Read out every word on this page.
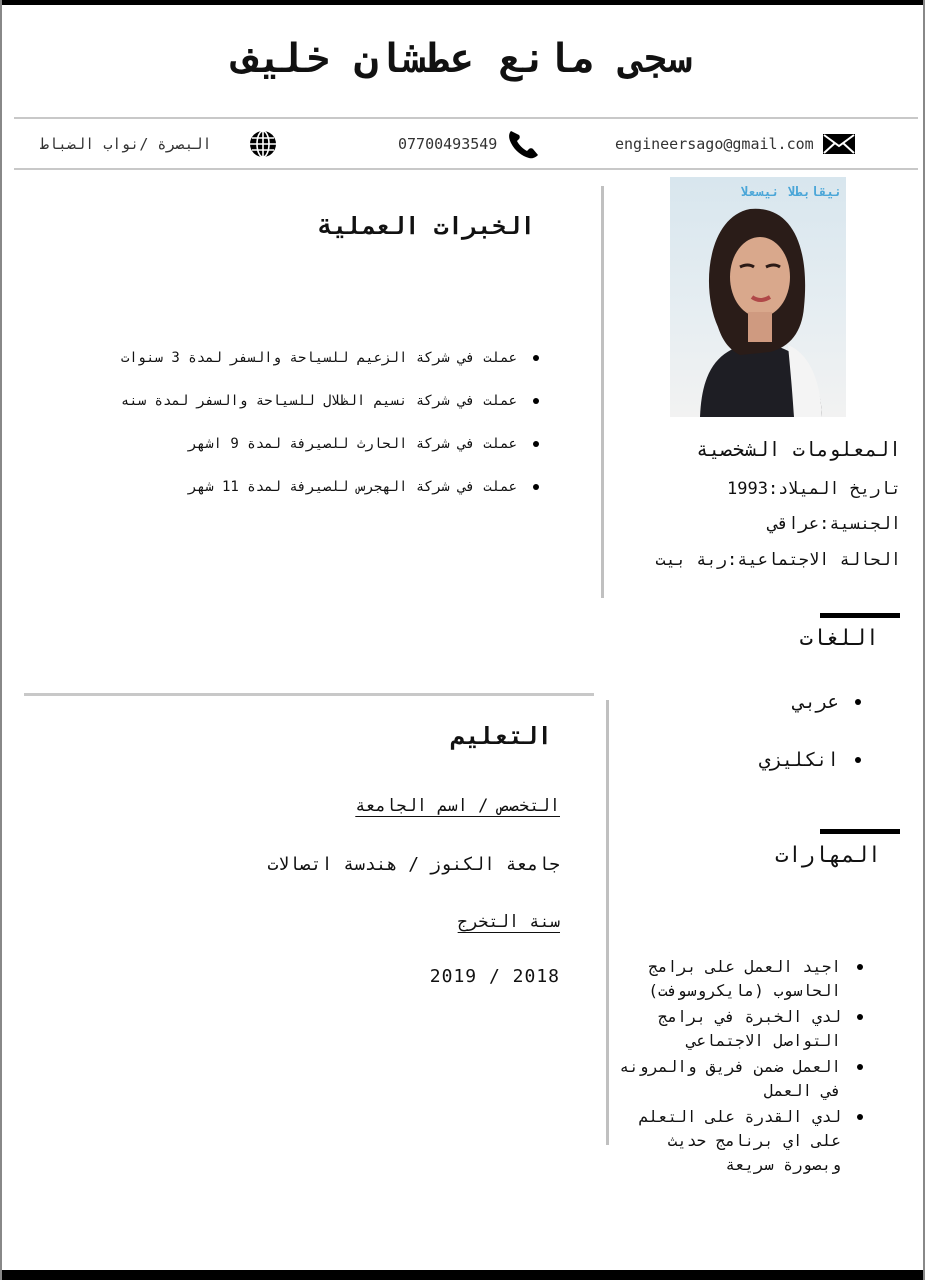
سجى مانع عطشان خليف
engineersago@gmail.com
07700493549
البصرة /نواب الضباط
نيقابطلا نيسعلا
المعلومات الشخصية
تاريخ الميلاد:1993
الجنسية:عراقي
الحالة الاجتماعية:ربة بيت
اللغات
عربي
انكليزي
المهارات
اجيد العمل على برامج الحاسوب (مايكروسوفت)
لدي الخبرة في برامج التواصل الاجتماعي
العمل ضمن فريق والمرونه في العمل
لدي القدرة على التعلم على اي برنامج حديث وبصورة سريعة
الخبرات العملية
عملت في شركة الزعيم للسياحة والسفر لمدة 3 سنوات
عملت في شركة نسيم الظلال للسياحة والسفر لمدة سنه
عملت في شركة الحارث للصيرفة لمدة 9 اشهر
عملت في شركة الهجرس للصيرفة لمدة 11 شهر
التعليم
التخصص / اسم الجامعة
جامعة الكنوز / هندسة اتصالات
سنة التخرج
2019 / 2018
